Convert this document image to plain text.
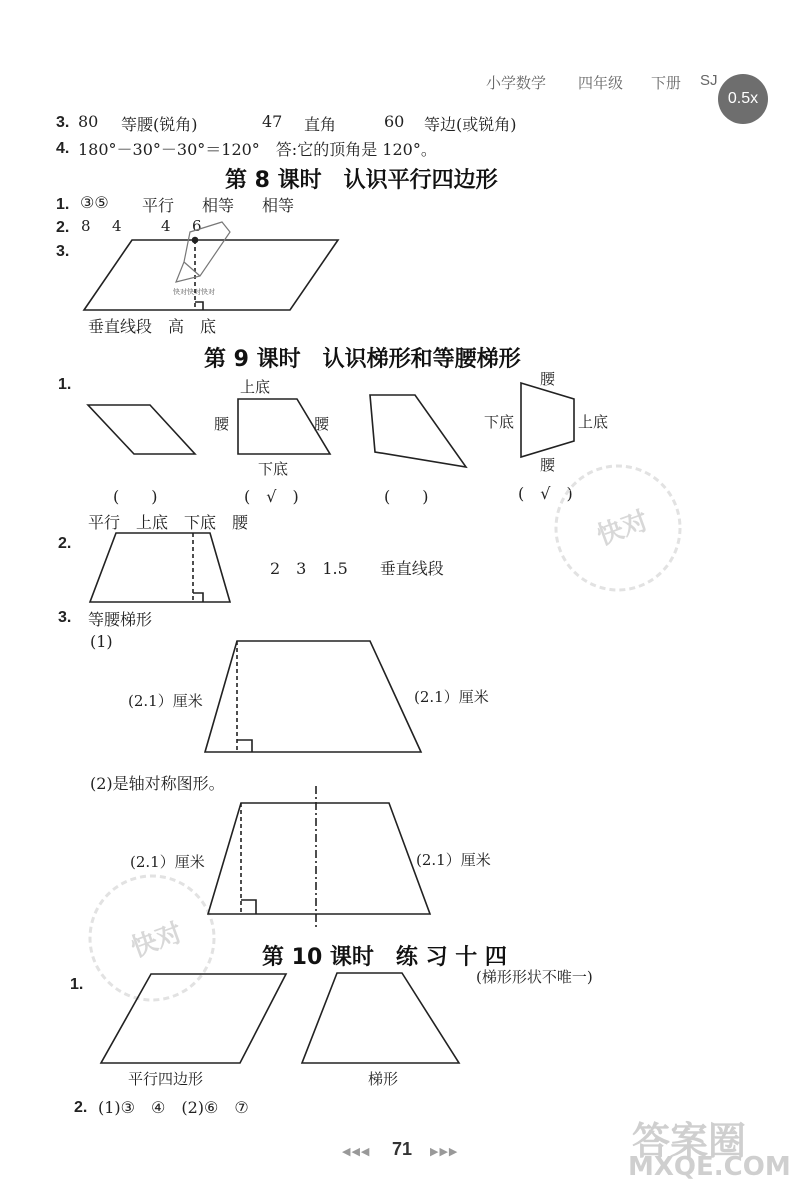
小学数学 四年级 下册 SJ
0.5x
3. 80 等腰(锐角)	47 直角	60 等边(或锐角)
4. 180°－30°－30°＝120°　答:它的顶角是 120°。
第 8 课时　认识平行四边形
1. ③⑤ 平行 相等 相等
2. 8 4	4 6
3.
快对快对快对
垂直线段　高　底
第 9 课时　认识梯形和等腰梯形
1.	上底
腰	腰
下底
腰
下底	上底
腰
(　　)	(　√　)	(　　)	(　√　)
平行　上底　下底　腰
2.
2　3　1.5　　垂直线段
3. 等腰梯形
(1)
(2.1）厘米	(2.1）厘米
(2)是轴对称图形。
(2.1）厘米	(2.1）厘米
第 10 课时　练 习 十 四
1.	(梯形形状不唯一)
平行四边形	梯形
2. (1)③　④　(2)⑥　⑦
◀◀◀ 71 ▶▶▶
快对
快对
答案圈
MXQE.COM
